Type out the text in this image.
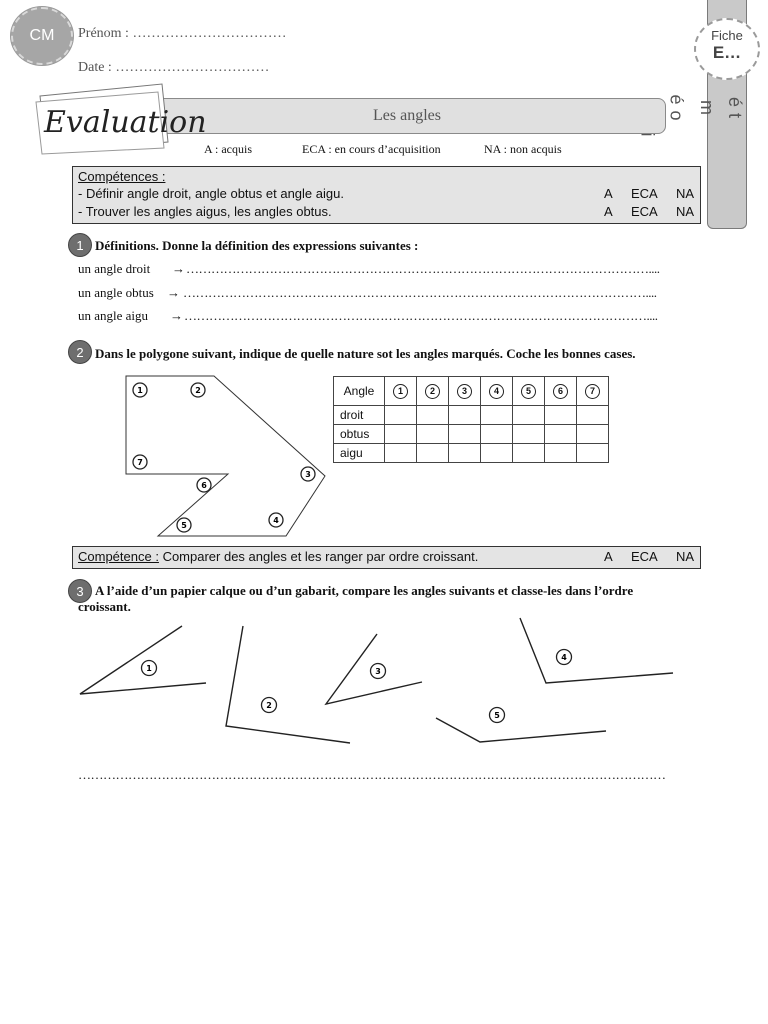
CM	Prénom : ……………………………
Date : ……………………………
Fiche
E…
éo m ét
Les angles
Evaluation
A : acquis	ECA : en cours d’acquisition	NA : non acquis
Compétences :
- Définir angle droit, angle obtus et angle aigu.	A ECA NA
- Trouver les angles aigus, les angles obtus.	A ECA NA
1 Définitions. Donne la définition des expressions suivantes :
un angle droit → …………………………………………………………………………………………………....
un angle obtus → …………………………………………………………………………………………………....
un angle aigu → …………………………………………………………………………………………………....
2 Dans le polygone suivant, indique de quelle nature sot les angles marqués. Coche les bonnes cases.
1	2
3
4
5
6
7
Angle	1	2	3	4	5	6	7
droit							
obtus							
aigu							
Compétence : Comparer des angles et les ranger par ordre croissant.	A ECA NA
3 A l’aide d’un papier calque ou d’un gabarit, compare les angles suivants et classe-les dans l’ordre
croissant.
1
2
3
4
5
……………………………………………………………………………………………………………………………
